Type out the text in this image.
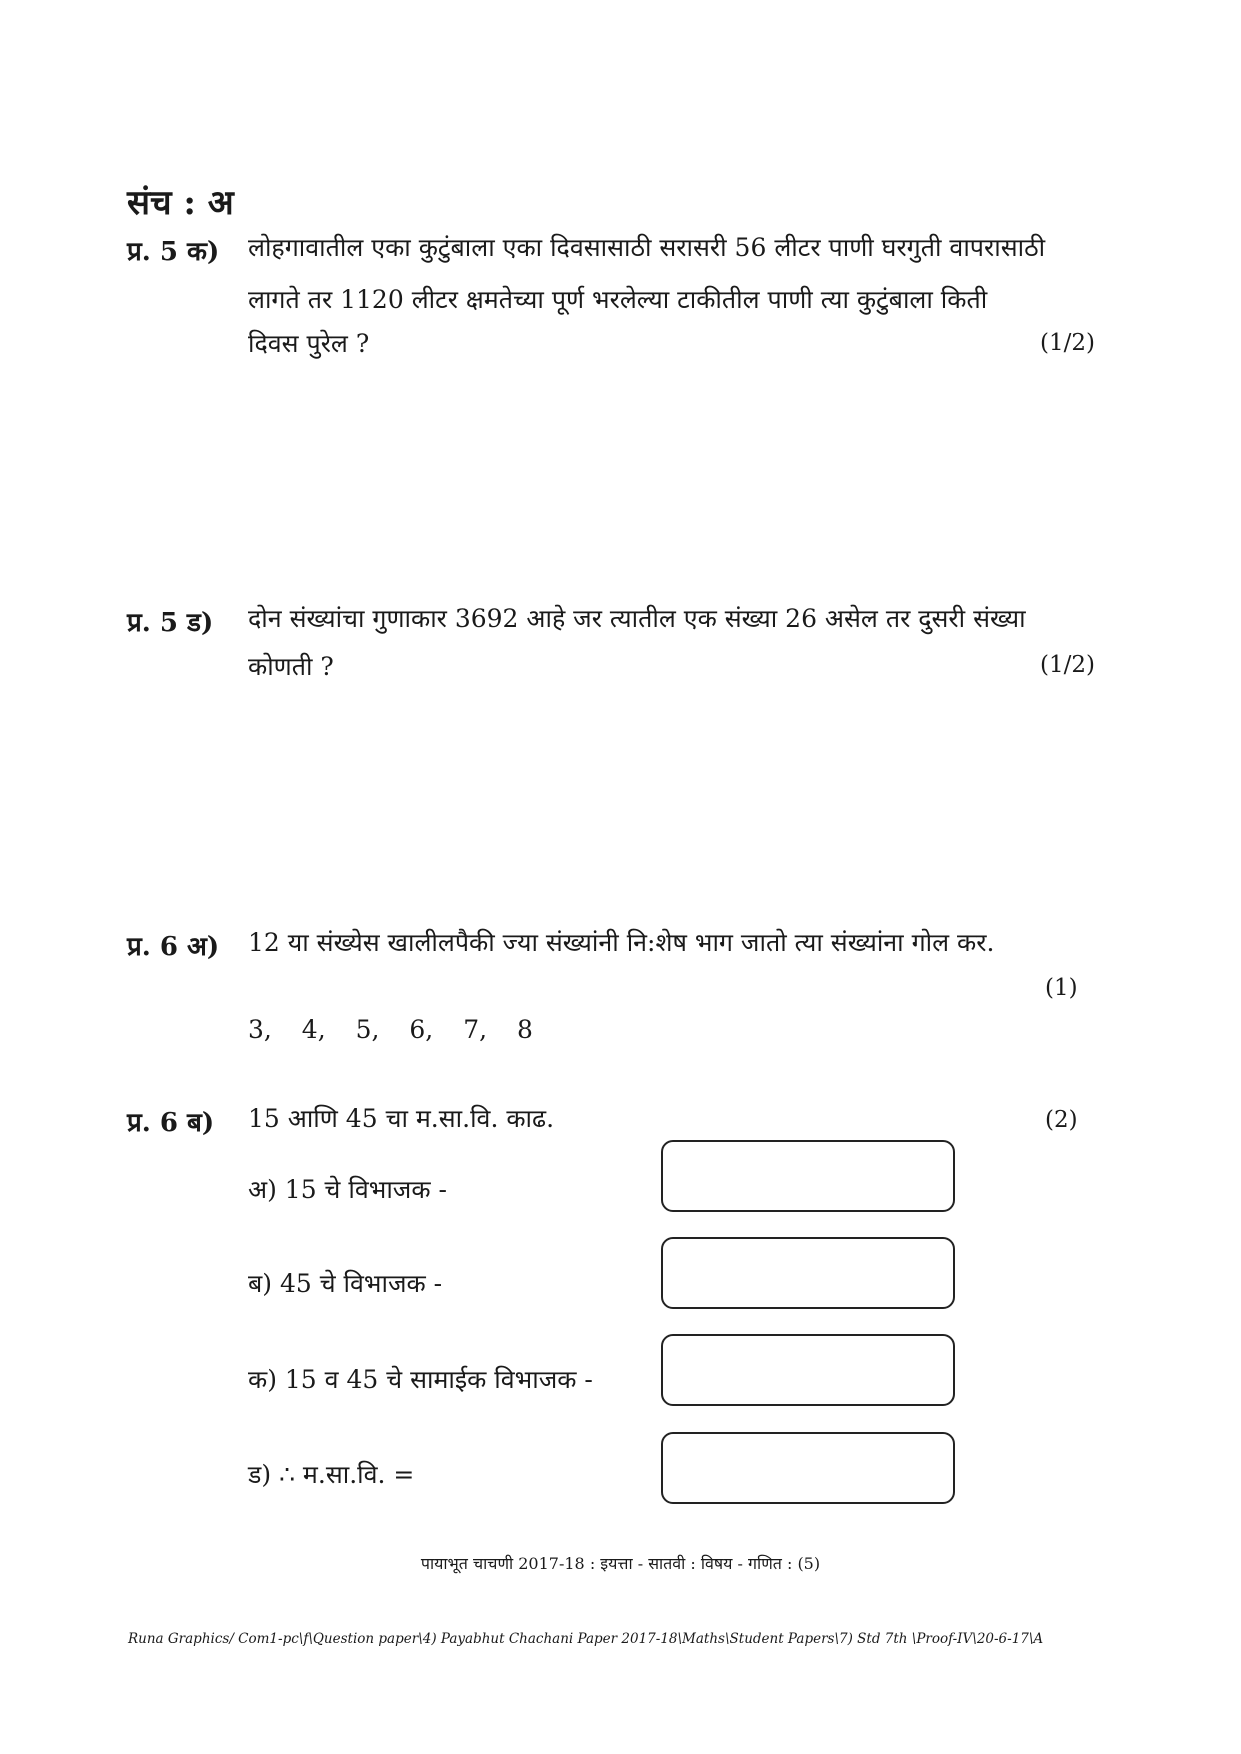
संच : अ
प्र. 5 क) लोहगावातील एका कुटुंबाला एका दिवसासाठी सरासरी 56 लीटर पाणी घरगुती वापरासाठी
लागते तर 1120 लीटर क्षमतेच्या पूर्ण भरलेल्या टाकीतील पाणी त्या कुटुंबाला किती
दिवस पुरेल ?	(1/2)
प्र. 5 ड) दोन संख्यांचा गुणाकार 3692 आहे जर त्यातील एक संख्या 26 असेल तर दुसरी संख्या
कोणती ?	(1/2)
प्र. 6 अ) 12 या संख्येस खालीलपैकी ज्या संख्यांनी नि:शेष भाग जातो त्या संख्यांना गोल कर.
(1)
3, 4, 5, 6, 7, 8
प्र. 6 ब) 15 आणि 45 चा म.सा.वि. काढ.	(2)
अ) 15 चे विभाजक -
ब) 45 चे विभाजक -
क) 15 व 45 चे सामाईक विभाजक -
ड) ∴ म.सा.वि. =
पायाभूत चाचणी 2017-18 : इयत्ता - सातवी : विषय - गणित : (5)
Runa Graphics/ Com1-pc\f\Question paper\4) Payabhut Chachani Paper 2017-18\Maths\Student Papers\7) Std 7th \Proof-IV\20-6-17\A
